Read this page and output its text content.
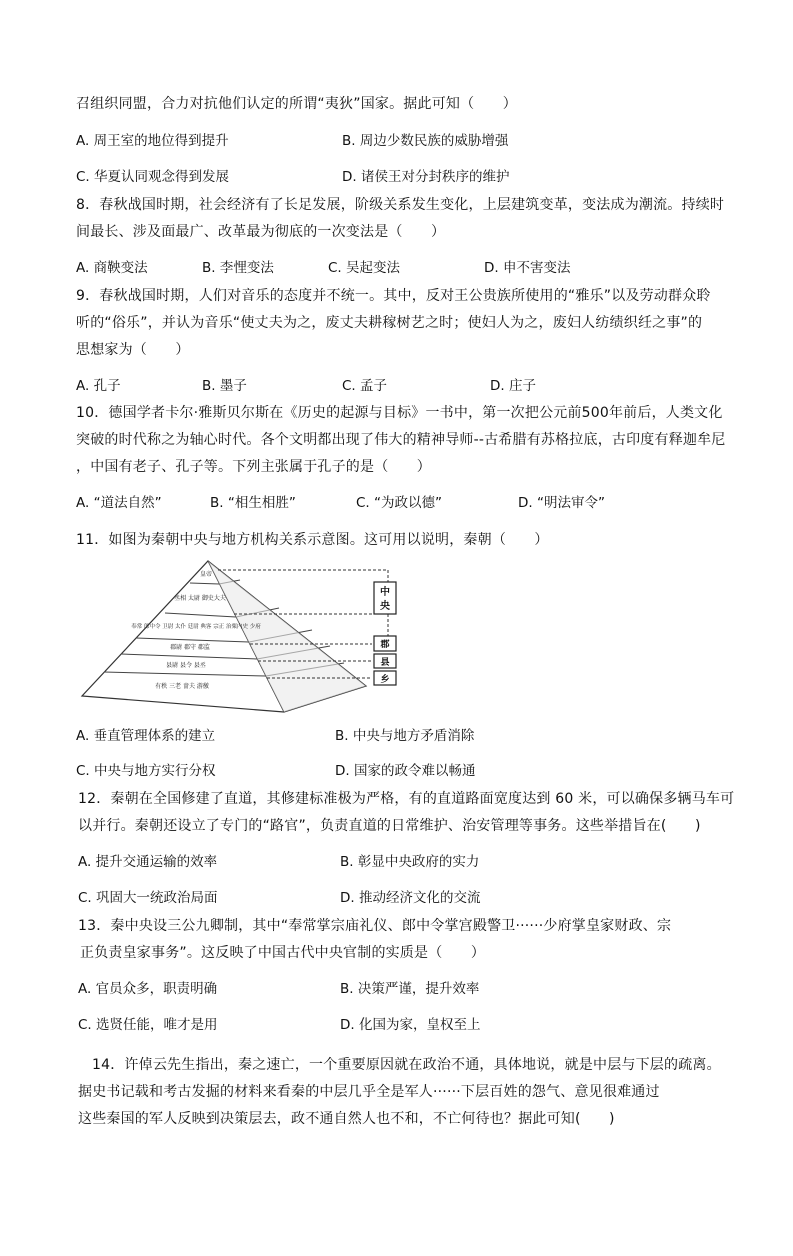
召组织同盟，合力对抗他们认定的所谓“夷狄”国家。据此可知（　　）
A. 周王室的地位得到提升	B. 周边少数民族的威胁增强
C. 华夏认同观念得到发展	D. 诸侯王对分封秩序的维护
8．春秋战国时期，社会经济有了长足发展，阶级关系发生变化，上层建筑变革，变法成为潮流。持续时
间最长、涉及面最广、改革最为彻底的一次变法是（　　）
A. 商鞅变法	B. 李悝变法	C. 吴起变法	D. 申不害变法
9．春秋战国时期，人们对音乐的态度并不统一。其中，反对王公贵族所使用的“雅乐”以及劳动群众聆
听的“俗乐”，并认为音乐“使丈夫为之，废丈夫耕稼树艺之时；使妇人为之，废妇人纺绩织纴之事”的
思想家为（　　）
A. 孔子	B. 墨子	C. 孟子	D. 庄子
10．德国学者卡尔·雅斯贝尔斯在《历史的起源与目标》一书中，第一次把公元前500年前后，人类文化
突破的时代称之为轴心时代。各个文明都出现了伟大的精神导师--古希腊有苏格拉底，古印度有释迦牟尼
，中国有老子、孔子等。下列主张属于孔子的是（　　）
A. “道法自然”	B. “相生相胜”	C. “为政以德”	D. “明法审令”
11．如图为秦朝中央与地方机构关系示意图。这可用以说明，秦朝（　　）
皇帝
丞相 太尉 御史大夫
奉常 郎中令 卫尉 太仆 廷尉 典客 宗正 治粟内史 少府
郡尉 郡守 郡监
县尉 县令 县丞
有秩 三老 啬夫 游徼
中
央
郡
县
乡
A. 垂直管理体系的建立	B. 中央与地方矛盾消除
C. 中央与地方实行分权	D. 国家的政令难以畅通
12．秦朝在全国修建了直道，其修建标准极为严格，有的直道路面宽度达到 60 米，可以确保多辆马车可
以并行。秦朝还设立了专门的“路官”，负责直道的日常维护、治安管理等事务。这些举措旨在(　　)
A. 提升交通运输的效率	B. 彰显中央政府的实力
C. 巩固大一统政治局面	D. 推动经济文化的交流
13．秦中央设三公九卿制，其中“奉常掌宗庙礼仪、郎中令掌宫殿警卫······少府掌皇家财政、宗
正负责皇家事务”。这反映了中国古代中央官制的实质是（　　）
A. 官员众多，职责明确	B. 决策严谨，提升效率
C. 选贤任能，唯才是用	D. 化国为家，皇权至上
14．许倬云先生指出，秦之速亡，一个重要原因就在政治不通，具体地说，就是中层与下层的疏离。
据史书记载和考古发掘的材料来看秦的中层几乎全是军人······下层百姓的怨气、意见很难通过
这些秦国的军人反映到决策层去，政不通自然人也不和，不亡何待也？据此可知(　　)
